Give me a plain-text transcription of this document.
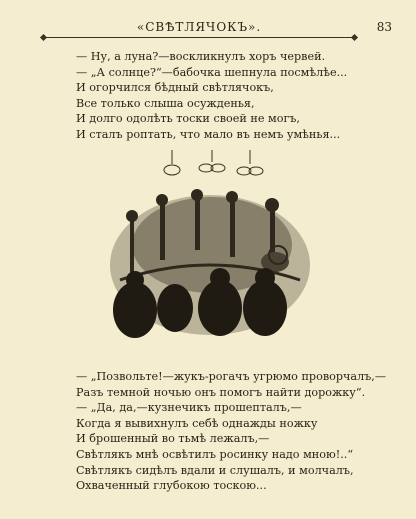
«СВѢТЛЯЧОКЪ».	83
— Ну, а луна?—воскликнулъ хоръ червей.
— „А солнце?“—бабочка шепнула посмѣлѣе...
И огорчился бѣдный свѣтлячокъ,
Все только слыша осужденья,
И долго одолѣть тоски своей не могъ,
И сталъ роптать, что мало въ немъ умѣнья...
— „Позвольте!—жукъ-рогачъ угрюмо проворчалъ,—
Разъ темной ночью онъ помогъ найти дорожку“.
— „Да, да,—кузнечикъ прошепталъ,—
Когда я вывихнулъ себѣ однажды ножку
И брошенный во тьмѣ лежалъ,—
Свѣтлякъ мнѣ освѣтилъ росинку надо мною!..“
Свѣтлякъ сидѣлъ вдали и слушалъ, и молчалъ,
Охваченный глубокою тоскою...
